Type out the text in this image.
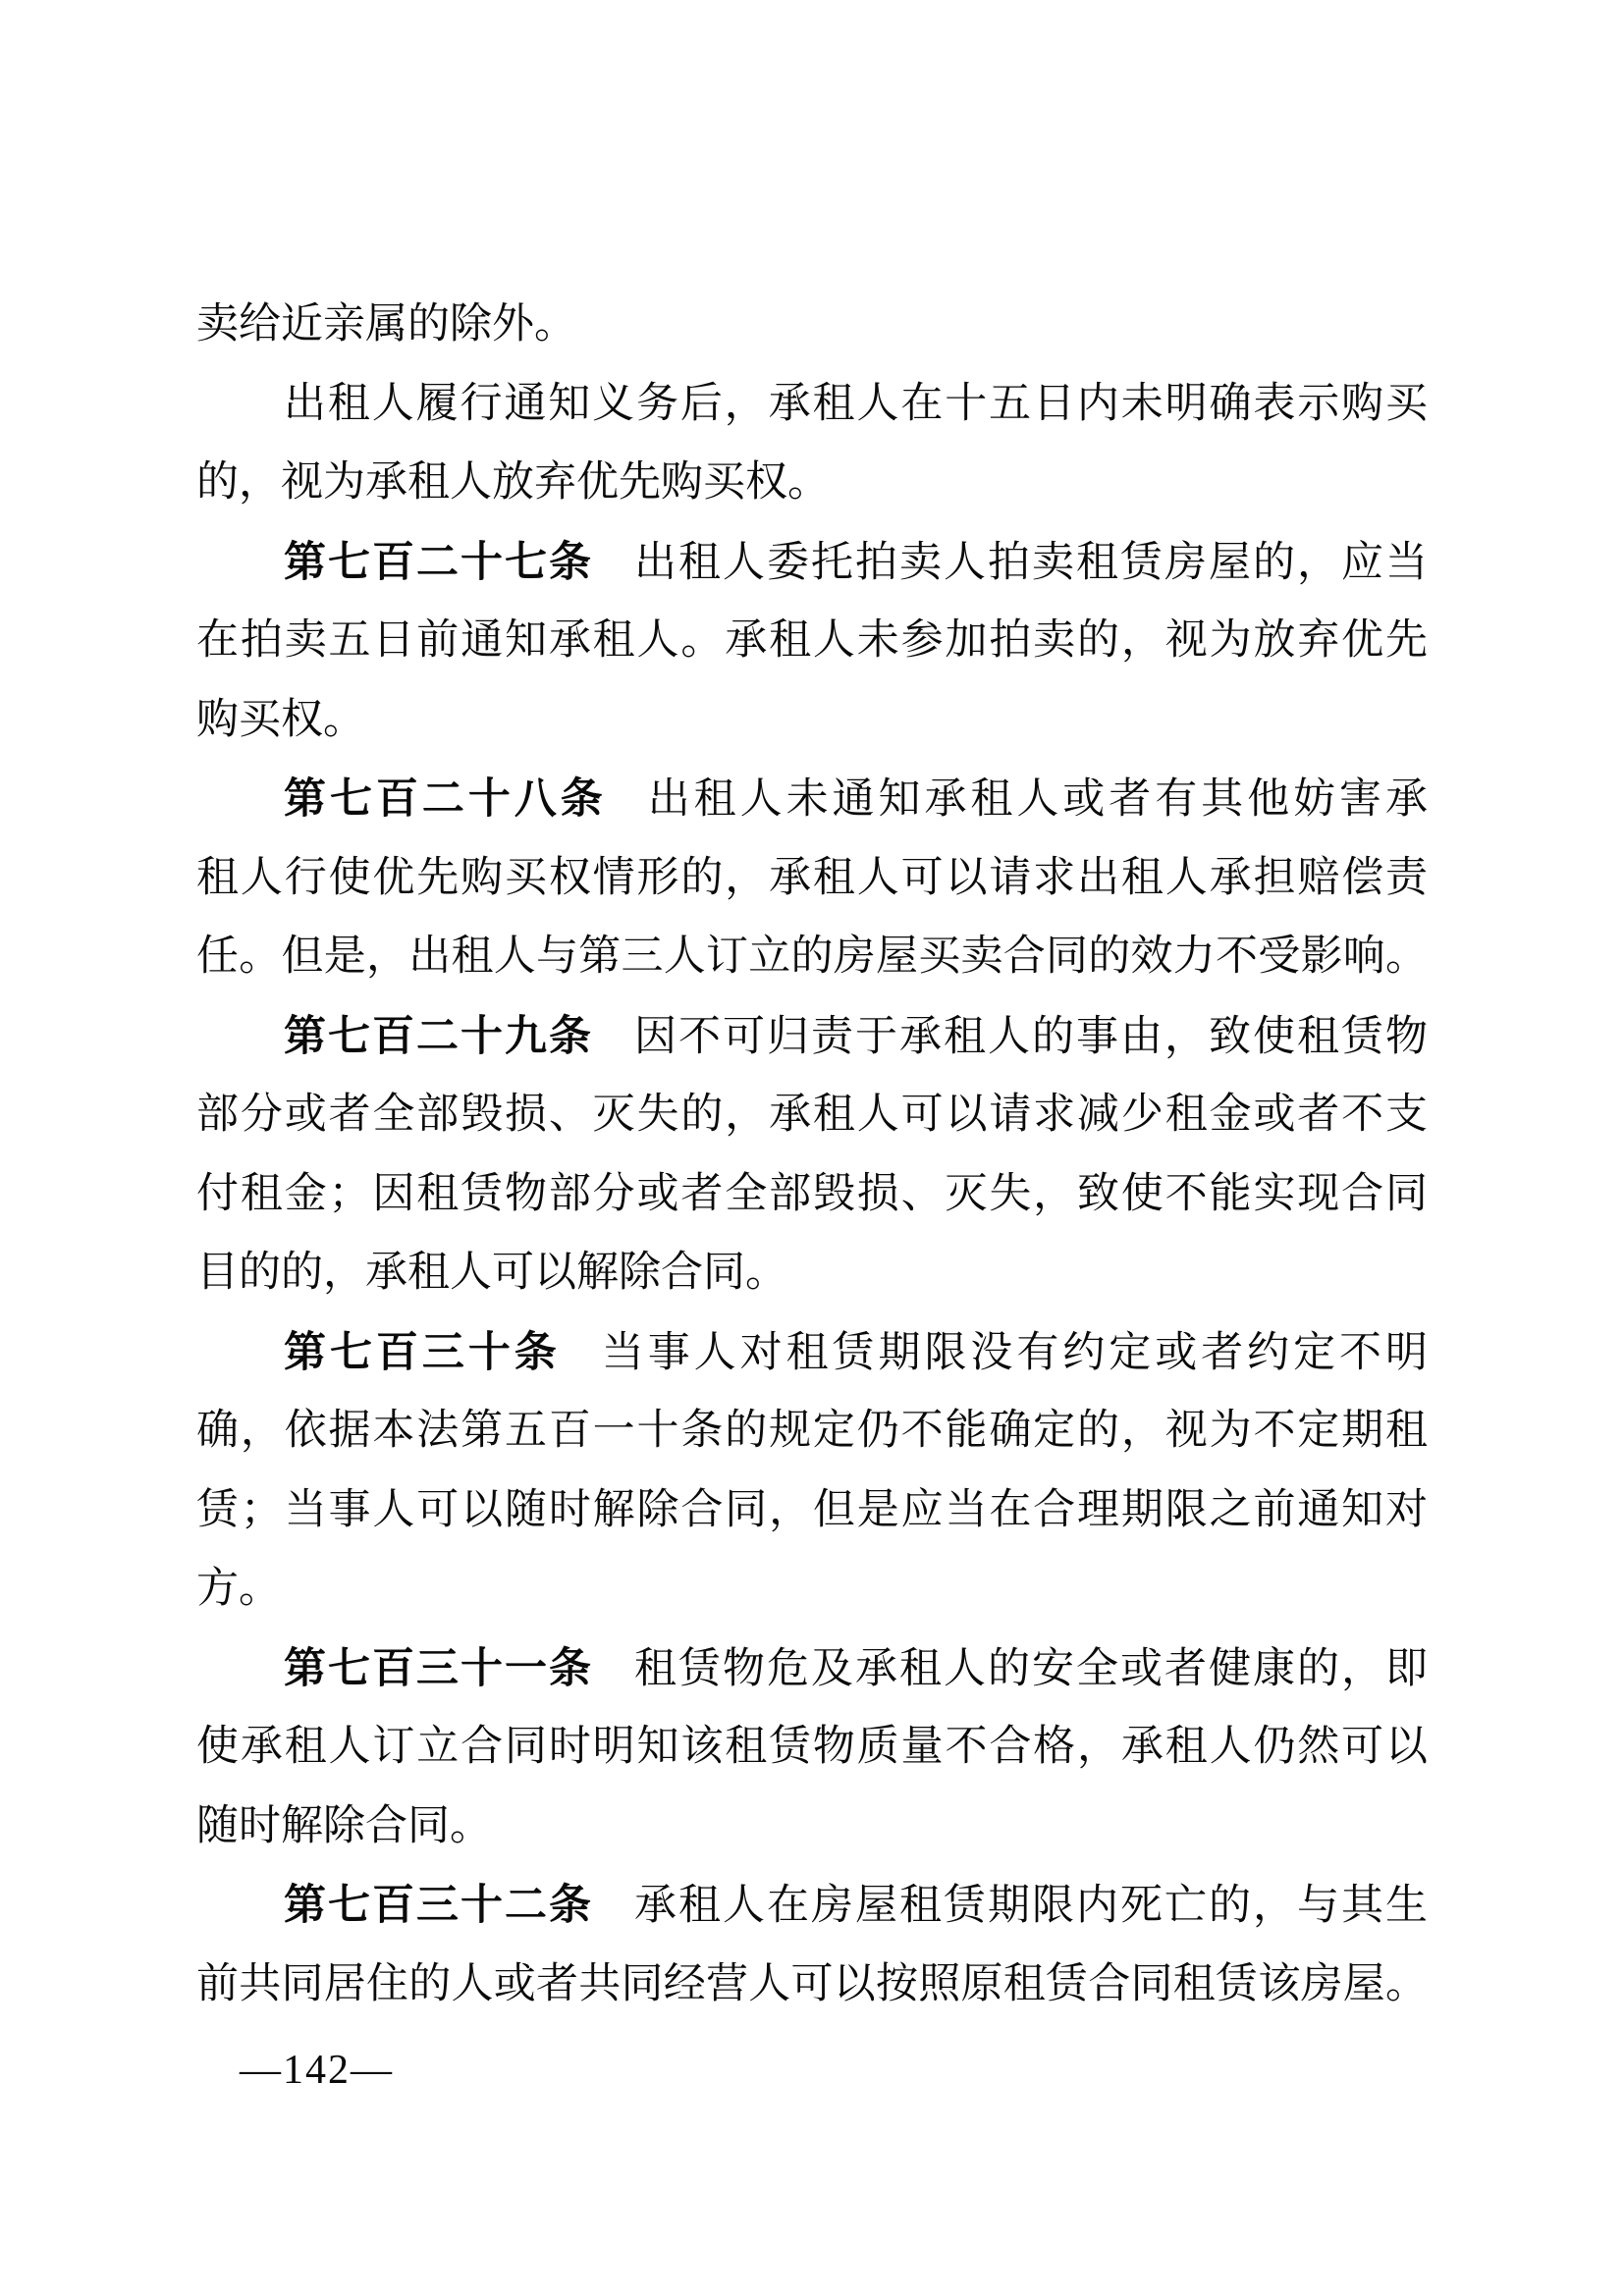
卖给近亲属的除外。
出租人履行通知义务后，承租人在十五日内未明确表示购买
的，视为承租人放弃优先购买权。
第七百二十七条 出租人委托拍卖人拍卖租赁房屋的，应当
在拍卖五日前通知承租人。承租人未参加拍卖的，视为放弃优先
购买权。
第七百二十八条 出租人未通知承租人或者有其他妨害承
租人行使优先购买权情形的，承租人可以请求出租人承担赔偿责
任。但是，出租人与第三人订立的房屋买卖合同的效力不受影响。
第七百二十九条 因不可归责于承租人的事由，致使租赁物
部分或者全部毁损、灭失的，承租人可以请求减少租金或者不支
付租金；因租赁物部分或者全部毁损、灭失，致使不能实现合同
目的的，承租人可以解除合同。
第七百三十条 当事人对租赁期限没有约定或者约定不明
确，依据本法第五百一十条的规定仍不能确定的，视为不定期租
赁；当事人可以随时解除合同，但是应当在合理期限之前通知对
方。
第七百三十一条 租赁物危及承租人的安全或者健康的，即
使承租人订立合同时明知该租赁物质量不合格，承租人仍然可以
随时解除合同。
第七百三十二条 承租人在房屋租赁期限内死亡的，与其生
前共同居住的人或者共同经营人可以按照原租赁合同租赁该房屋。
—142—
